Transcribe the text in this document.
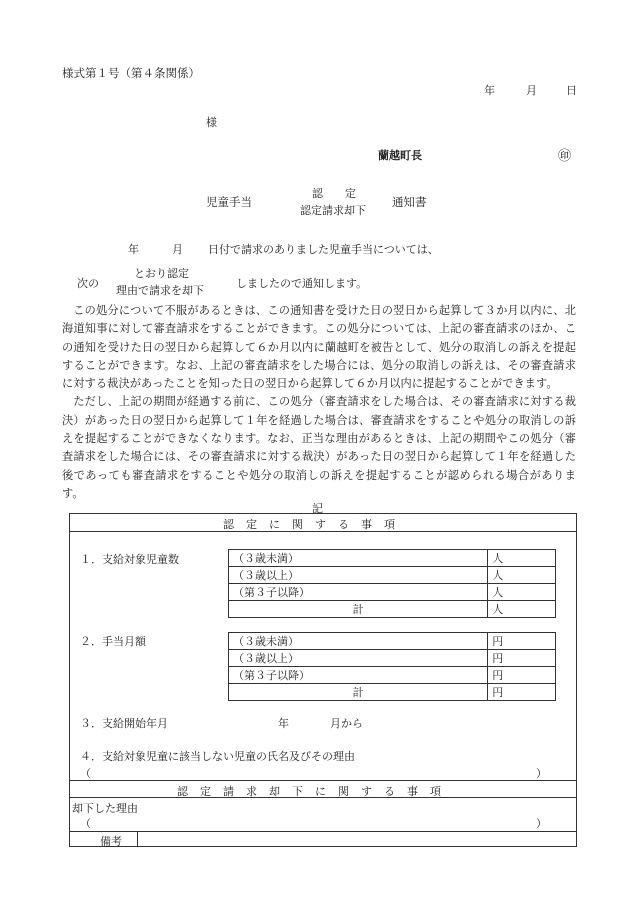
様式第１号（第４条関係）
年	月	日
様
蘭越町長	㊞
児童手当
認　　定
認定請求却下
通知書
年	月 日付で請求のありました児童手当については、
次の
とおり認定
理由で請求を却下
しましたので通知します。

この処分について不服があるときは、この通知書を受けた日の翌日から起算して３か月以内に、北海道知事に対して審査請求をすることができます。この処分については、上記の審査請求のほか、この通知を受けた日の翌日から起算して６か月以内に蘭越町を被告として、処分の取消しの訴えを提起することができます。なお、上記の審査請求をした場合には、処分の取消しの訴えは、その審査請求に対する裁決があったことを知った日の翌日から起算して６か月以内に提起することができます。

ただし、上記の期間が経過する前に、この処分（審査請求をした場合は、その審査請求に対する裁決）があった日の翌日から起算して１年を経過した場合は、審査請求をすることや処分の取消しの訴えを提起することができなくなります。なお、正当な理由があるときは、上記の期間やこの処分（審査請求をした場合には、その審査請求に対する裁決）があった日の翌日から起算して１年を経過した後であっても審査請求をすることや処分の取消しの訴えを提起することが認められる場合があります。

記
認定に関する事項
１．支給対象児童数	（３歳未満）	人
（３歳以上）	人
（第３子以降）	人
計	人
２．手当月額	（３歳未満）	円
（３歳以上）	円
（第３子以降）	円
計	円
３．支給開始年月	年	月から
４．支給対象児童に該当しない児童の氏名及びその理由
（	）
認定請求却下に関する事項
却下した理由
（	）
備考
